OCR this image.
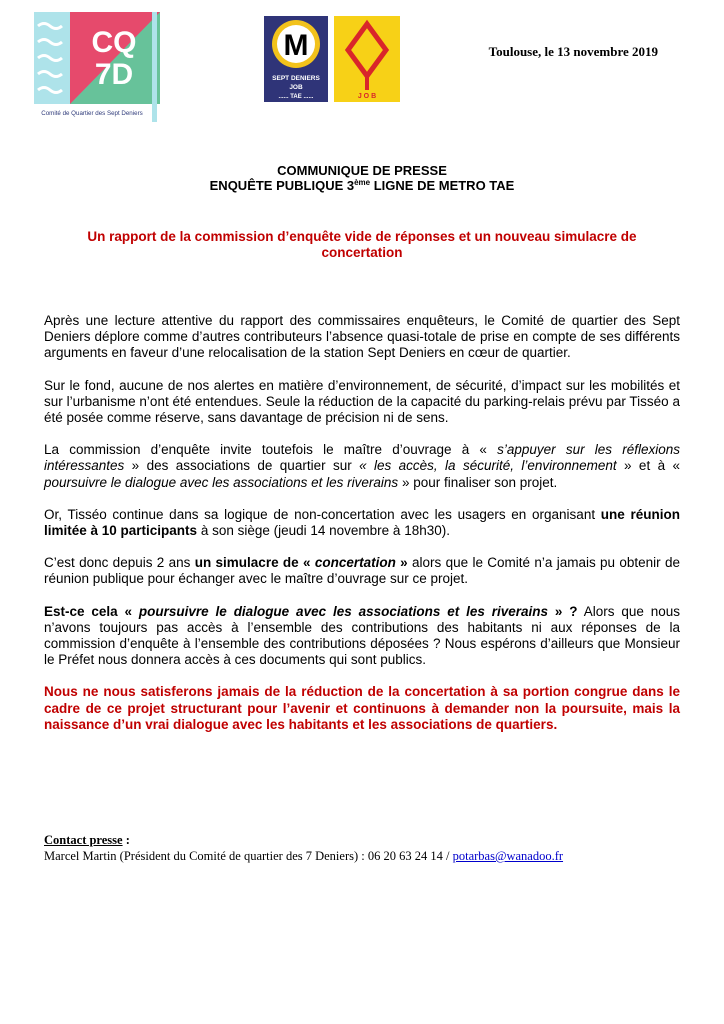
CQ
7D
Comité de Quartier des Sept Deniers
M
SEPT DENIERS
JOB
...... TAE ......	J O B
Toulouse, le 13 novembre 2019
COMMUNIQUE DE PRESSE
ENQUÊTE PUBLIQUE 3ème LIGNE DE METRO TAE
Un rapport de la commission d’enquête vide de réponses et un nouveau simulacre de concertation

Après une lecture attentive du rapport des commissaires enquêteurs, le Comité de quartier des Sept Deniers déplore comme d’autres contributeurs l’absence quasi-totale de prise en compte de ses différents arguments en faveur d’une relocalisation de la station Sept Deniers en cœur de quartier.

Sur le fond, aucune de nos alertes en matière d’environnement, de sécurité, d’impact sur les mobilités et sur l’urbanisme n’ont été entendues. Seule la réduction de la capacité du parking-relais prévu par Tisséo a été posée comme réserve, sans davantage de précision ni de sens.

La commission d’enquête invite toutefois le maître d’ouvrage à « s’appuyer sur les réflexions intéressantes » des associations de quartier sur « les accès, la sécurité, l’environnement » et à « poursuivre le dialogue avec les associations et les riverains » pour finaliser son projet.

Or, Tisséo continue dans sa logique de non-concertation avec les usagers en organisant une réunion limitée à 10 participants à son siège (jeudi 14 novembre à 18h30).

C’est donc depuis 2 ans un simulacre de « concertation » alors que le Comité n’a jamais pu obtenir de réunion publique pour échanger avec le maître d’ouvrage sur ce projet.

Est-ce cela « poursuivre le dialogue avec les associations et les riverains » ? Alors que nous n’avons toujours pas accès à l’ensemble des contributions des habitants ni aux réponses de la commission d’enquête à l’ensemble des contributions déposées ? Nous espérons d’ailleurs que Monsieur le Préfet nous donnera accès à ces documents qui sont publics.

Nous ne nous satisferons jamais de la réduction de la concertation à sa portion congrue dans le cadre de ce projet structurant pour l’avenir et continuons à demander non la poursuite, mais la naissance d’un vrai dialogue avec les habitants et les associations de quartiers.

Contact presse :
Marcel Martin (Président du Comité de quartier des 7 Deniers) : 06 20 63 24 14 / potarbas@wanadoo.fr
